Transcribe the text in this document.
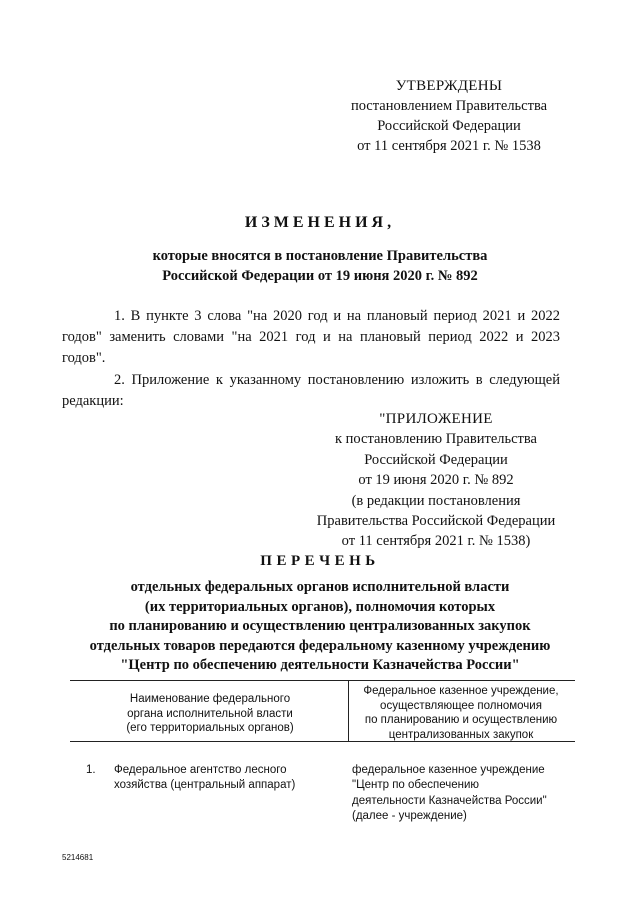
УТВЕРЖДЕНЫ
постановлением Правительства
Российской Федерации
от 11 сентября 2021 г. № 1538
ИЗМЕНЕНИЯ,
которые вносятся в постановление Правительства
Российской Федерации от 19 июня 2020 г. № 892

1. В пункте 3 слова "на 2020 год и на плановый период 2021 и 2022 годов" заменить словами "на 2021 год и на плановый период 2022 и 2023 годов".

2. Приложение к указанному постановлению изложить в следующей редакции:

"ПРИЛОЖЕНИЕ
к постановлению Правительства
Российской Федерации
от 19 июня 2020 г. № 892
(в редакции постановления
Правительства Российской Федерации
от 11 сентября 2021 г. № 1538)
ПЕРЕЧЕНЬ
отдельных федеральных органов исполнительной власти
(их территориальных органов), полномочия которых
по планированию и осуществлению централизованных закупок
отдельных товаров передаются федеральному казенному учреждению
"Центр по обеспечению деятельности Казначейства России"
Наименование федерального
органа исполнительной власти
(его территориальных органов)
Федеральное казенное учреждение,
осуществляющее полномочия
по планированию и осуществлению
централизованных закупок
1.	Федеральное агентство лесного
хозяйства (центральный аппарат)
федеральное казенное учреждение
"Центр по обеспечению
деятельности Казначейства России"
(далее - учреждение)
5214681
